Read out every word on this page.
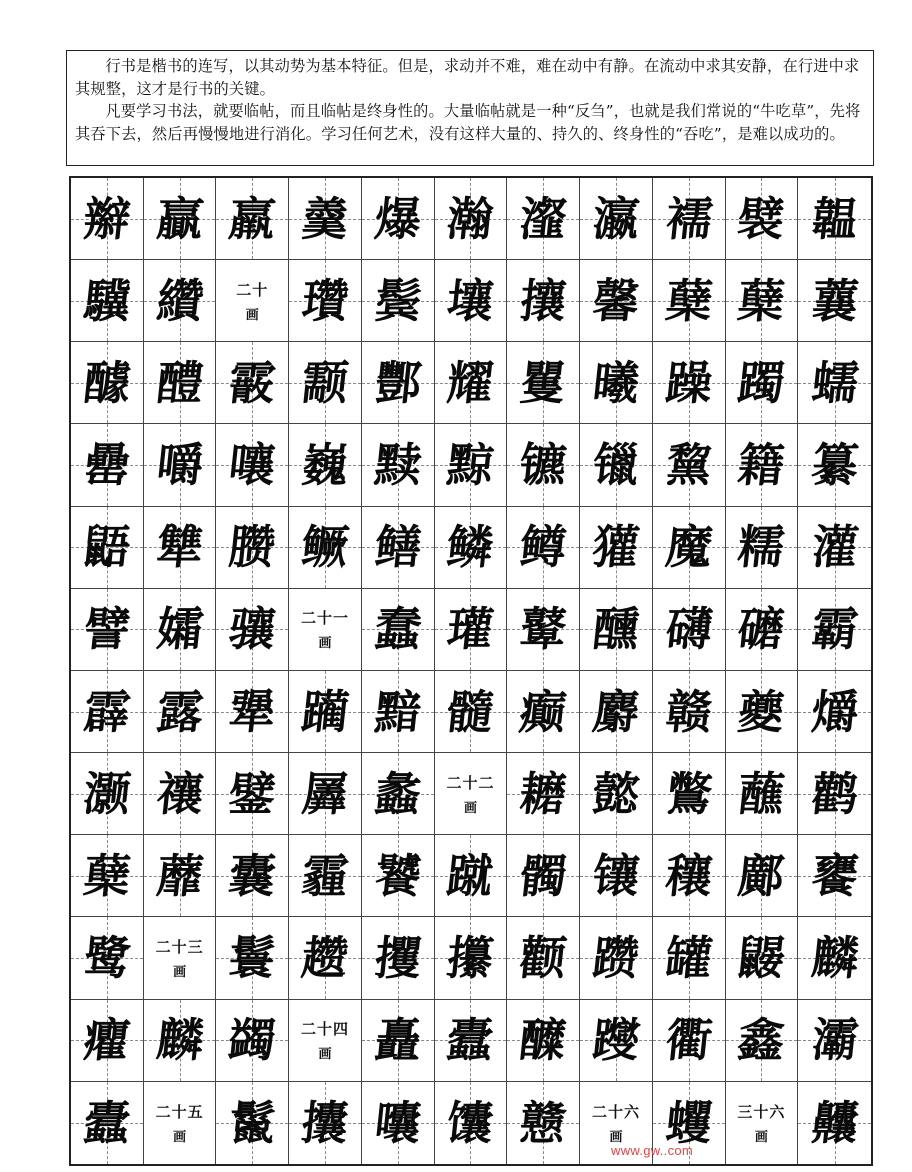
行书是楷书的连写，以其动势为基本特征。但是，求动并不难，难在动中有静。在流动中求其安静，在行进中求其规整，这才是行书的关键。

凡要学习书法，就要临帖，而且临帖是终身性的。大量临帖就是一种“反刍”，也就是我们常说的“牛吃草”，先将其吞下去，然后再慢慢地进行消化。学习任何艺术，没有这样大量的、持久的、终身性的“吞吃”，是难以成功的。

辮 贏 羸 羹 爆 瀚 瀣 瀛 襦 襞 韞
驥 纘 二十
画 瓚 鬓 壤 攘 馨 蘖 蘖 蘘
醵 醴 霰 颥 酆 耀 矍 曦 躁 躅 蠕
罍 嚼 嚷 巍 黩 黥 镳 镴 黧 籍 纂
鼯 犨 臜 鳜 鳝 鳞 鳟 獾 魔 糯 灌
譬 孀 骧 二十一
画 蠢 瓘 鼙 醺 礴 礳 霸
霹 露 犟 躏 黯 髓 癫 麝 赣 夔 爝
灏 禳 鐾 羼 蠡 二十二
画 耱 懿 鷩 蘸 鹳
蘖 蘼 囊 霾 饕 蹴 髑 镶 穰 鄺 饔
鹭 二十三
画 鬟 趱 攫 攥 颧 躜 罐 鼹 麟
癯 麟 蠲 二十四
画 矗 蠹 醾 躞 衢 鑫 灞
蠹 二十五
画 鬣 攮 囔 馕 戆 二十六
画 蠼 三十六
画 齉
www.gw..com
